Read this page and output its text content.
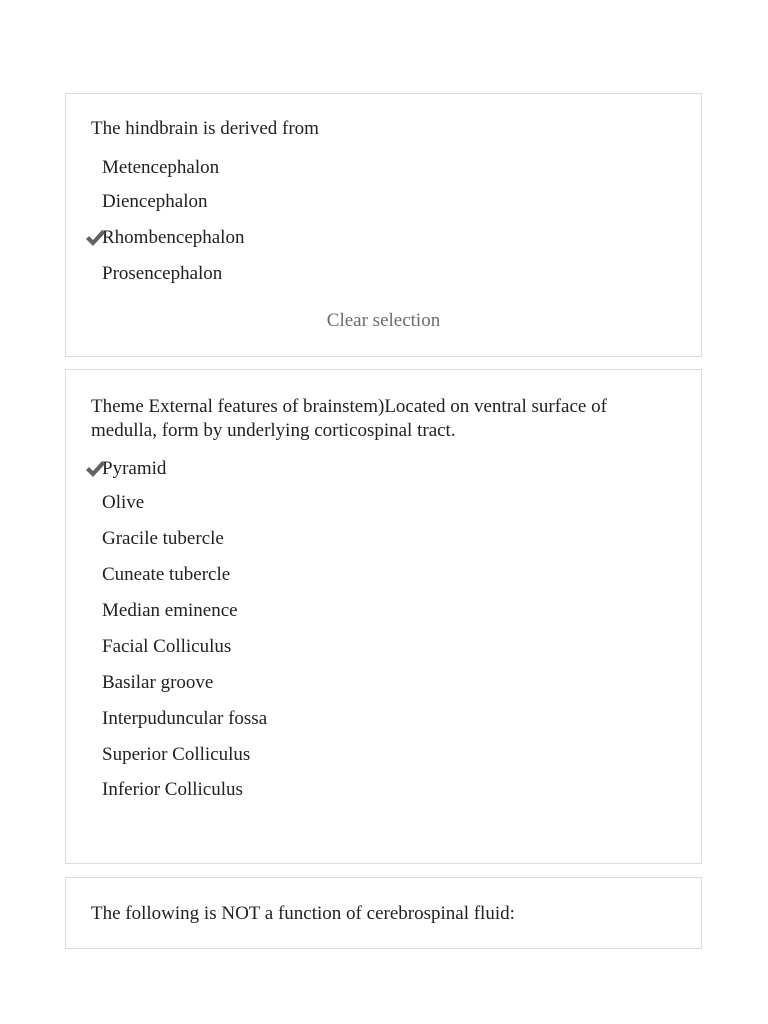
The hindbrain is derived from

Metencephalon
Diencephalon
Rhombencephalon
Prosencephalon
Clear selection

Theme External features of brainstem)Located on ventral surface of medulla, form by underlying corticospinal tract.

Pyramid
Olive
Gracile tubercle
Cuneate tubercle
Median eminence
Facial Colliculus
Basilar groove
Interpuduncular fossa
Superior Colliculus
Inferior Colliculus

The following is NOT a function of cerebrospinal fluid:
